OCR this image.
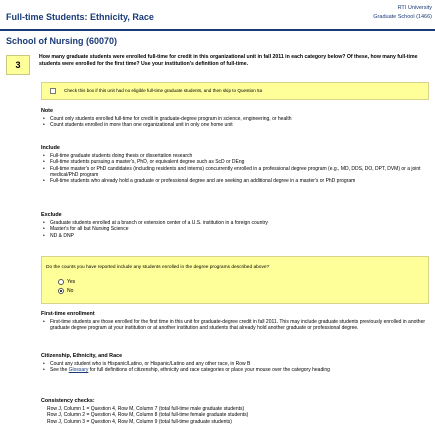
Full-time Students: Ethnicity, Race
RTI University
Graduate School (1466)
School of Nursing (60070)
3
How many graduate students were enrolled full-time for credit in this organizational unit in fall 2011 in each category below? Of these, how many full-time students were enrolled for the first time? Use your institution's definition of full-time.
Check this box if this unit had no eligible full-time graduate students, and then skip to Question 5a
Note
• Count only students enrolled full-time for credit in graduate-degree program in science, engineering, or health
• Count students enrolled in more than one organizational unit in only one home unit
Include
• Full-time graduate students doing thesis or dissertation research
• Full-time students pursuing a master's, PhD, or equivalent degree such as ScD or DEng
• Full-time master's or PhD candidates (including residents and interns) concurrently enrolled in a professional degree program (e.g., MD, DDS, DO, DPT, DVM) or a joint medical/PhD program
• Full-time students who already hold a graduate or professional degree and are seeking an additional degree in a master's or PhD program
Exclude
• Graduate students enrolled at a branch or extension center of a U.S. institution in a foreign country
• Master's for all but Nursing Science
• ND & DNP
Do the counts you have reported include any students enrolled in the degree programs described above?
Yes
No
First-time enrollment
• First-time students are those enrolled for the first time in this unit for graduate-degree credit in fall 2011. This may include graduate students previously enrolled in another graduate degree program at your institution or at another institution and students that already hold another graduate or professional degree.
Citizenship, Ethnicity, and Race
• Count any student who is Hispanic/Latino, or Hispanic/Latino and any other race, in Row B
• See the Glossary for full definitions of citizenship, ethnicity and race categories or place your mouse over the category heading
Consistency checks:
Row J, Column 1 = Question 4, Row M, Column 7 (total full-time male graduate students)
Row J, Column 2 = Question 4, Row M, Column 8 (total full-time female graduate students)
Row J, Column 3 = Question 4, Row M, Column 9 (total full-time graduate students)
